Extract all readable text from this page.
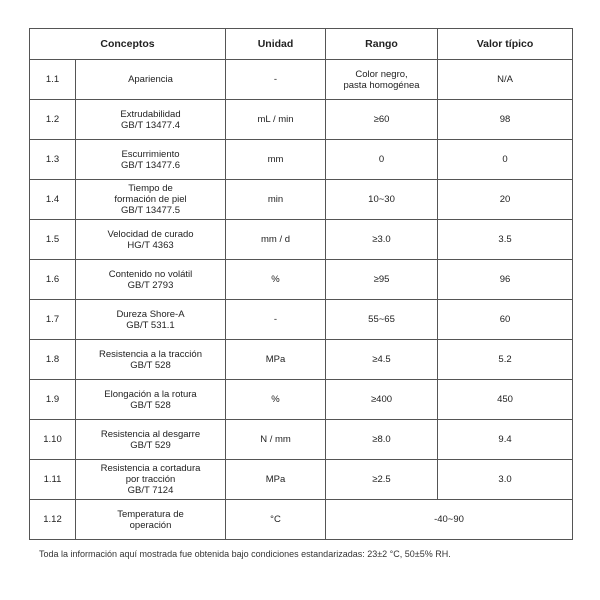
Conceptos		Unidad	Rango	Valor típico
1.1	Apariencia	-	Color negro,
pasta homogénea	N/A
1.2	Extrudabilidad
GB/T 13477.4	mL / min	≥60	98
1.3	Escurrimiento
GB/T 13477.6	mm	0	0
1.4	Tiempo de
formación de piel
GB/T 13477.5	min	10~30	20
1.5	Velocidad de curado
HG/T 4363	mm / d	≥3.0	3.5
1.6	Contenido no volátil
GB/T 2793	%	≥95	96
1.7	Dureza Shore-A
GB/T 531.1	-	55~65	60
1.8	Resistencia a la tracción
GB/T 528	MPa	≥4.5	5.2
1.9	Elongación a la rotura
GB/T 528	%	≥400	450
1.10	Resistencia al desgarre
GB/T 529	N / mm	≥8.0	9.4
1.11	Resistencia a cortadura
por tracción
GB/T 7124	MPa	≥2.5	3.0
1.12	Temperatura de
operación	°C	-40~90	

Toda la información aquí mostrada fue obtenida bajo condiciones estandarizadas: 23±2 °C, 50±5% RH.
